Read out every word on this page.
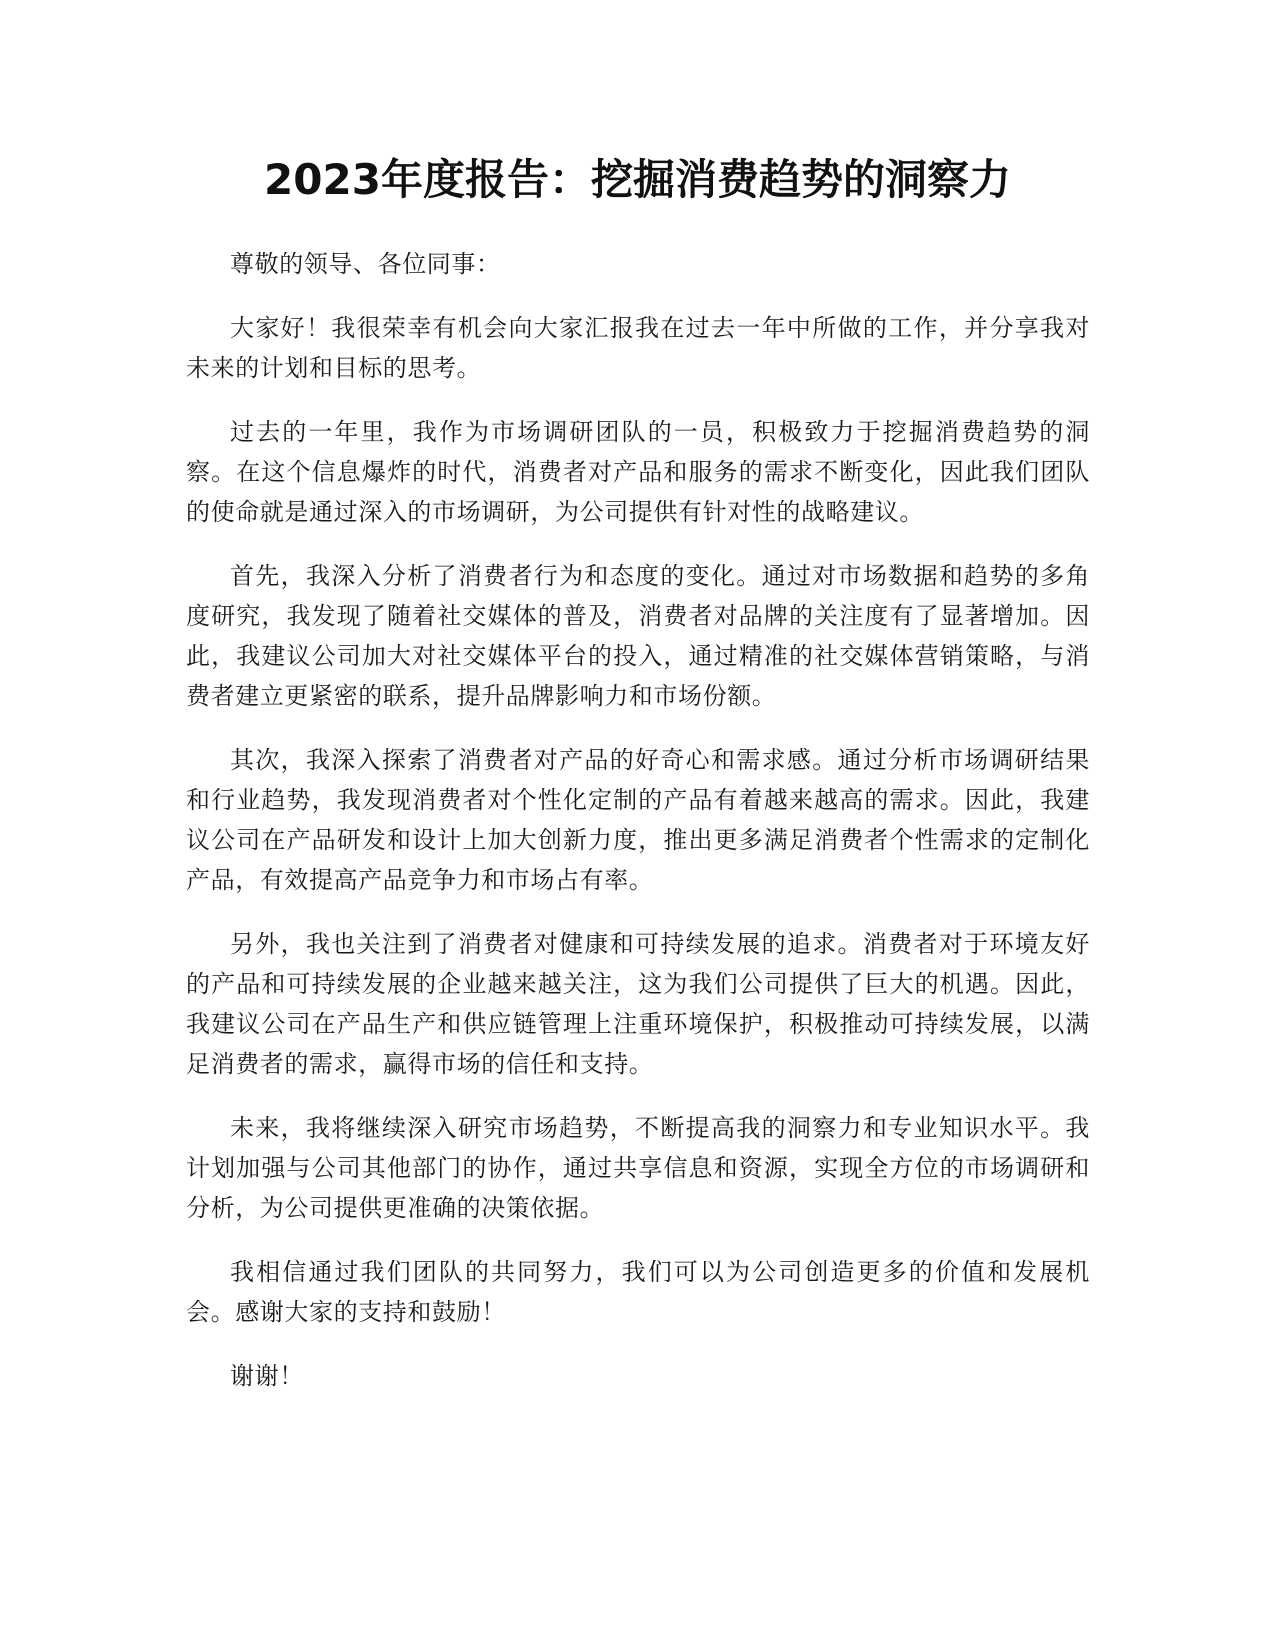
2023年度报告：挖掘消费趋势的洞察力

尊敬的领导、各位同事：

大家好！我很荣幸有机会向大家汇报我在过去一年中所做的工作，并分享我对未来的计划和目标的思考。

过去的一年里，我作为市场调研团队的一员，积极致力于挖掘消费趋势的洞察。在这个信息爆炸的时代，消费者对产品和服务的需求不断变化，因此我们团队的使命就是通过深入的市场调研，为公司提供有针对性的战略建议。

首先，我深入分析了消费者行为和态度的变化。通过对市场数据和趋势的多角度研究，我发现了随着社交媒体的普及，消费者对品牌的关注度有了显著增加。因此，我建议公司加大对社交媒体平台的投入，通过精准的社交媒体营销策略，与消费者建立更紧密的联系，提升品牌影响力和市场份额。

其次，我深入探索了消费者对产品的好奇心和需求感。通过分析市场调研结果和行业趋势，我发现消费者对个性化定制的产品有着越来越高的需求。因此，我建议公司在产品研发和设计上加大创新力度，推出更多满足消费者个性需求的定制化产品，有效提高产品竞争力和市场占有率。

另外，我也关注到了消费者对健康和可持续发展的追求。消费者对于环境友好的产品和可持续发展的企业越来越关注，这为我们公司提供了巨大的机遇。因此，我建议公司在产品生产和供应链管理上注重环境保护，积极推动可持续发展，以满足消费者的需求，赢得市场的信任和支持。

未来，我将继续深入研究市场趋势，不断提高我的洞察力和专业知识水平。我计划加强与公司其他部门的协作，通过共享信息和资源，实现全方位的市场调研和分析，为公司提供更准确的决策依据。

我相信通过我们团队的共同努力，我们可以为公司创造更多的价值和发展机会。感谢大家的支持和鼓励！

谢谢！
